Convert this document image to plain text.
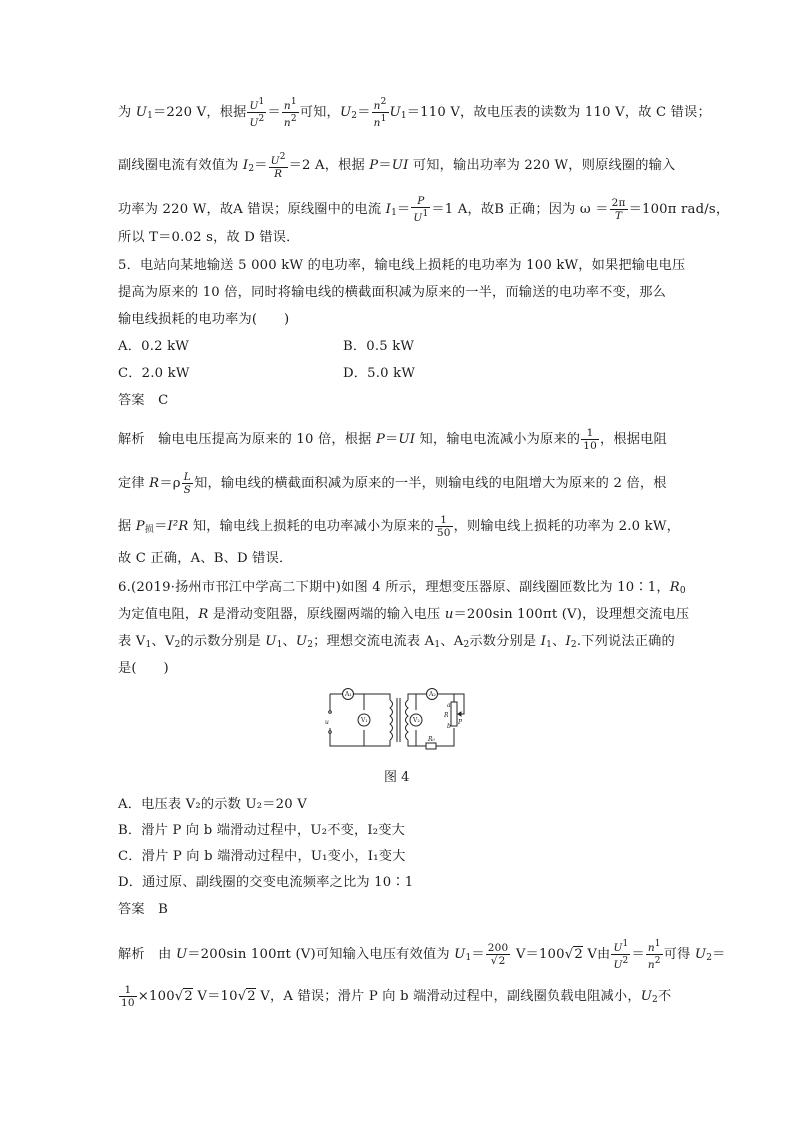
为 $U_1=220$ V，根据 $\frac{U^1}{U^2} = \frac{n^1}{n^2}$ 可知，$U_2= \frac{n^2}{n^1} U_1=110$ V，故电压表的读数为 110 V，故 C 错误；
副线圈电流有效值为 $I_2= \frac{U^2}{R} =2$ A，根据 P＝UI 可知，输出功率为 220 W，则原线圈的输入
功率为 220 W，故A 错误；原线圈中的电流 $I_1= \frac{P}{U^1} =1$ A，故B 正确；因为 $\omega = \frac{2\pi}{T} =100\pi$ rad/s，
所以 T＝0.02 s，故 D 错误．
5．电站向某地输送 5 000 kW 的电功率，输电线上损耗的电功率为 100 kW，如果把输电电压
提高为原来的 10 倍，同时将输电线的横截面积减为原来的一半，而输送的电功率不变，那么
输电线损耗的电功率为(　　)
A．0.2 kW	B．0.5 kW
C．2.0 kW	D．5.0 kW
答案　C
解析　输电电压提高为原来的 10 倍，根据 P＝UI 知，输电电流减小为原来的 $\frac{1}{10}$ ，根据电阻
定律 $R=\rho \frac{L}{S}$ 知，输电线的横截面积减为原来的一半，则输电线的电阻增大为原来的 2 倍，根
据 $P_损=I^2R$ 知，输电线上损耗的电功率减小为原来的 $\frac{1}{50}$ ，则输电线上损耗的功率为 2.0 kW，
故 C 正确，A、B、D 错误．
6.(2019·扬州市邗江中学高二下期中)如图 4 所示，理想变压器原、副线圈匝数比为 10∶1，$R_0$
为定值电阻，R 是滑动变阻器，原线圈两端的输入电压 u＝200sin 100πt (V)，设理想交流电压
表 $V_1$、$V_2$的示数分别是 $U_1$、$U_2$；理想交流电流表 $A_1$、$A_2$示数分别是 $I_1$、$I_2$.下列说法正确的
是(　　)
A₁	A₂
V₁	V₂
u
a
R
b
P
R₀
图 4
A．电压表 V₂的示数 U₂＝20 V
B．滑片 P 向 b 端滑动过程中，U₂不变，I₂变大
C．滑片 P 向 b 端滑动过程中，U₁变小，I₁变大
D．通过原、副线圈的交变电流频率之比为 10∶1
答案　B
解析　由 U＝200sin 100πt (V)可知输入电压有效值为 $U_1= \frac{200}{√2} V=100√2$ V由 $\frac{U^1}{U^2} = \frac{n^1}{n^2}$ 可得 $U_2=$
$\frac{1}{10} \times 100√2$ V＝10√2 V，A 错误；滑片 P 向 b 端滑动过程中，副线圈负载电阻减小，$U_2$不
